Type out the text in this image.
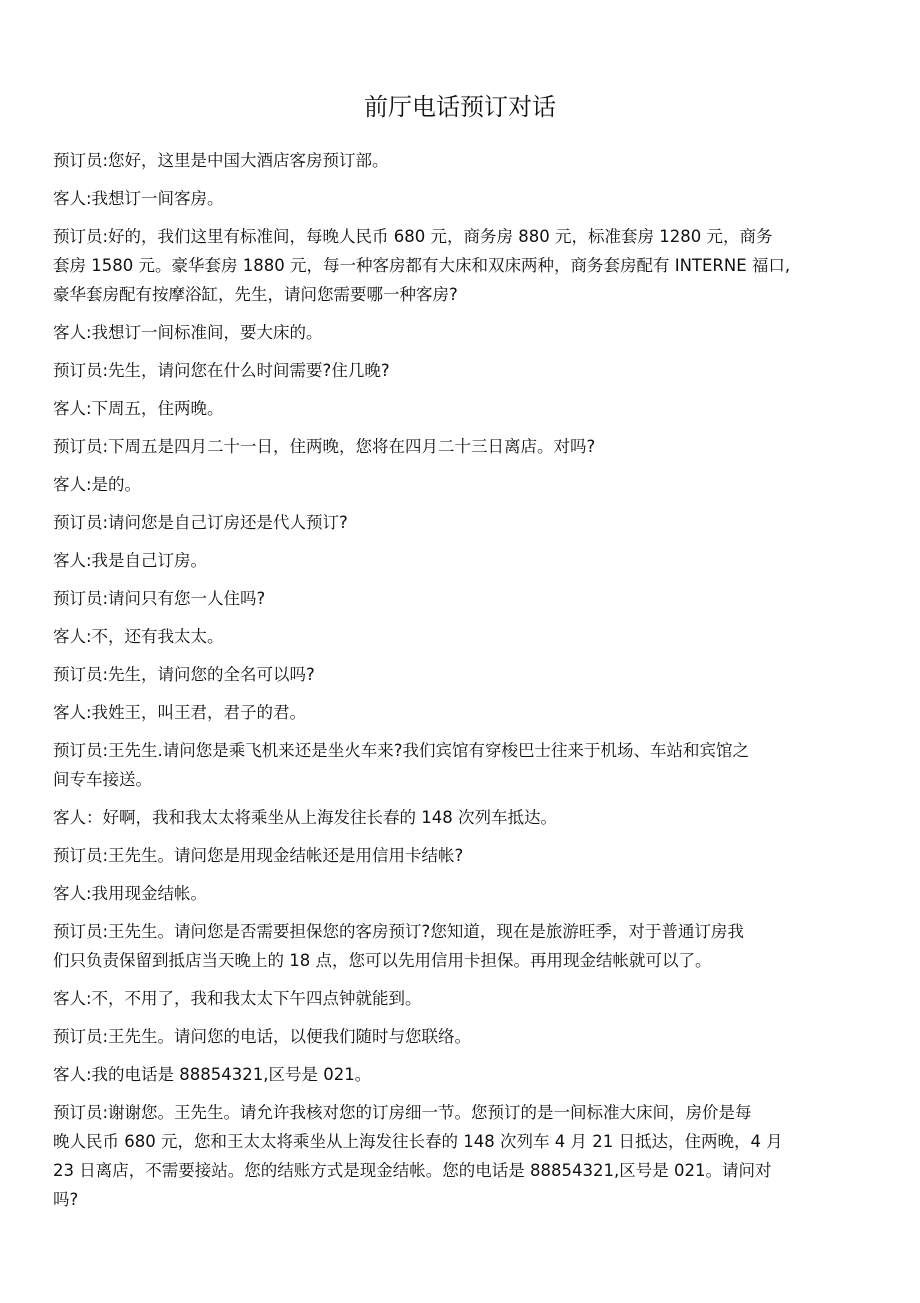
前厅电话预订对话

预订员:您好，这里是中国大酒店客房预订部。

客人:我想订一间客房。

预订员:好的，我们这里有标准间，每晚人民币 680 元，商务房 880 元，标准套房 1280 元，商务
套房 1580 元。豪华套房 1880 元，每一种客房都有大床和双床两种，商务套房配有 INTERNE 福口,
豪华套房配有按摩浴缸，先生，请问您需要哪一种客房?

客人:我想订一间标准间，要大床的。

预订员:先生，请问您在什么时间需要?住几晚?

客人:下周五，住两晚。

预订员:下周五是四月二十一日，住两晚，您将在四月二十三日离店。对吗?

客人:是的。

预订员:请问您是自己订房还是代人预订?

客人:我是自己订房。

预订员:请问只有您一人住吗?

客人:不，还有我太太。

预订员:先生，请问您的全名可以吗?

客人:我姓王，叫王君，君子的君。

预订员:王先生.请问您是乘飞机来还是坐火车来?我们宾馆有穿梭巴士往来于机场、车站和宾馆之
间专车接送。

客人：好啊，我和我太太将乘坐从上海发往长春的 148 次列车抵达。

预订员:王先生。请问您是用现金结帐还是用信用卡结帐?

客人:我用现金结帐。

预订员:王先生。请问您是否需要担保您的客房预订?您知道，现在是旅游旺季，对于普通订房我
们只负责保留到抵店当天晚上的 18 点，您可以先用信用卡担保。再用现金结帐就可以了。

客人:不，不用了，我和我太太下午四点钟就能到。

预订员:王先生。请问您的电话，以便我们随时与您联络。

客人:我的电话是 88854321,区号是 021。

预订员:谢谢您。王先生。请允许我核对您的订房细一节。您预订的是一间标准大床间，房价是每
晚人民币 680 元，您和王太太将乘坐从上海发往长春的 148 次列车 4 月 21 日抵达，住两晚，4 月
23 日离店，不需要接站。您的结账方式是现金结帐。您的电话是 88854321,区号是 021。请问对
吗?
